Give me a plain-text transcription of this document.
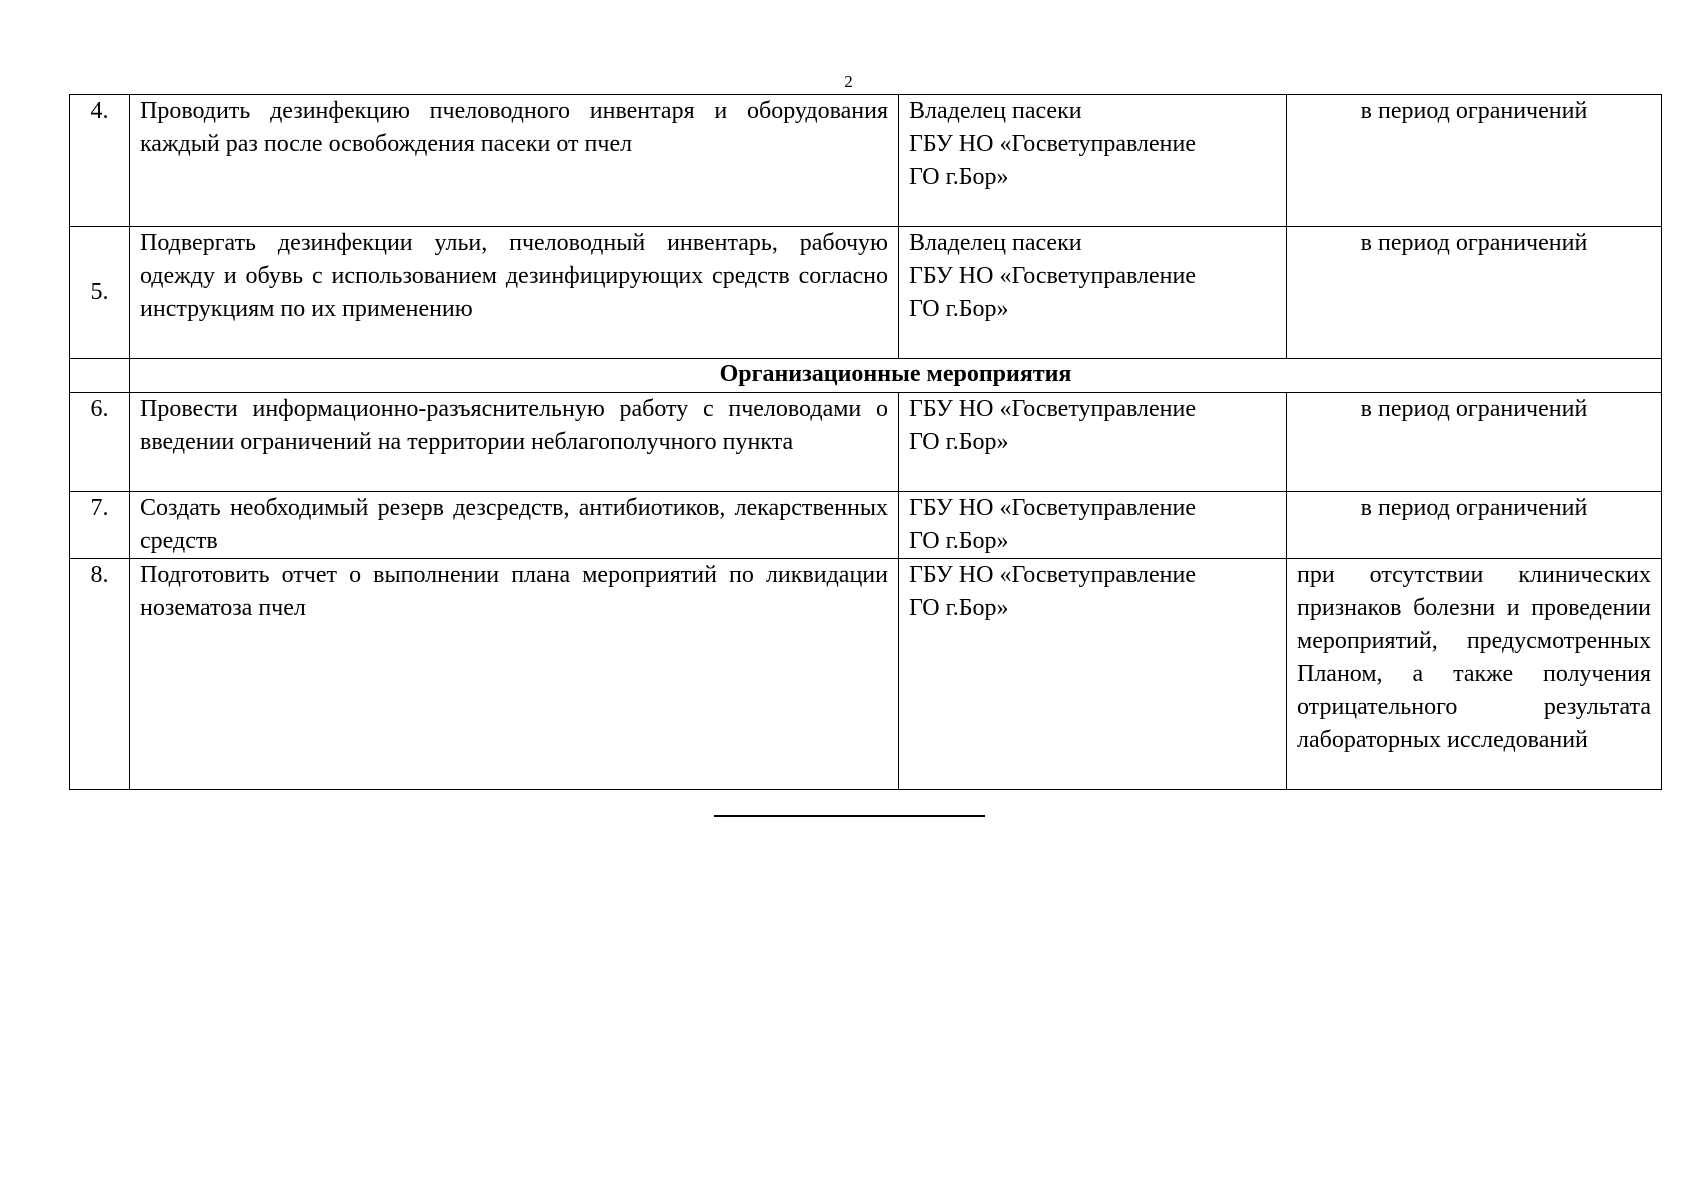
2
4.	Проводить дезинфекцию пчеловодного инвентаря и оборудования каждый раз после освобождения пасеки от пчел	Владелец пасеки
ГБУ НО «Госветуправление
ГО г.Бор»	в период ограничений
5.	Подвергать дезинфекции ульи, пчеловодный инвентарь, рабочую одежду и обувь с использованием дезинфицирующих средств согласно инструкциям по их применению	Владелец пасеки
ГБУ НО «Госветуправление
ГО г.Бор»	в период ограничений
	Организационные мероприятия		
6.	Провести информационно-разъяснительную работу с пчеловодами о введении ограничений на территории неблагополучного пункта	ГБУ НО «Госветуправление
ГО г.Бор»	в период ограничений
7.	Создать необходимый резерв дезсредств, антибиотиков, лекарственных средств	ГБУ НО «Госветуправление
ГО г.Бор»	в период ограничений
8.	Подготовить отчет о выполнении плана мероприятий по ликвидации нозематоза пчел	ГБУ НО «Госветуправление
ГО г.Бор»	при отсутствии клинических признаков болезни и проведении мероприятий, предусмотренных Планом, а также получения отрицательного результата лабораторных исследований
